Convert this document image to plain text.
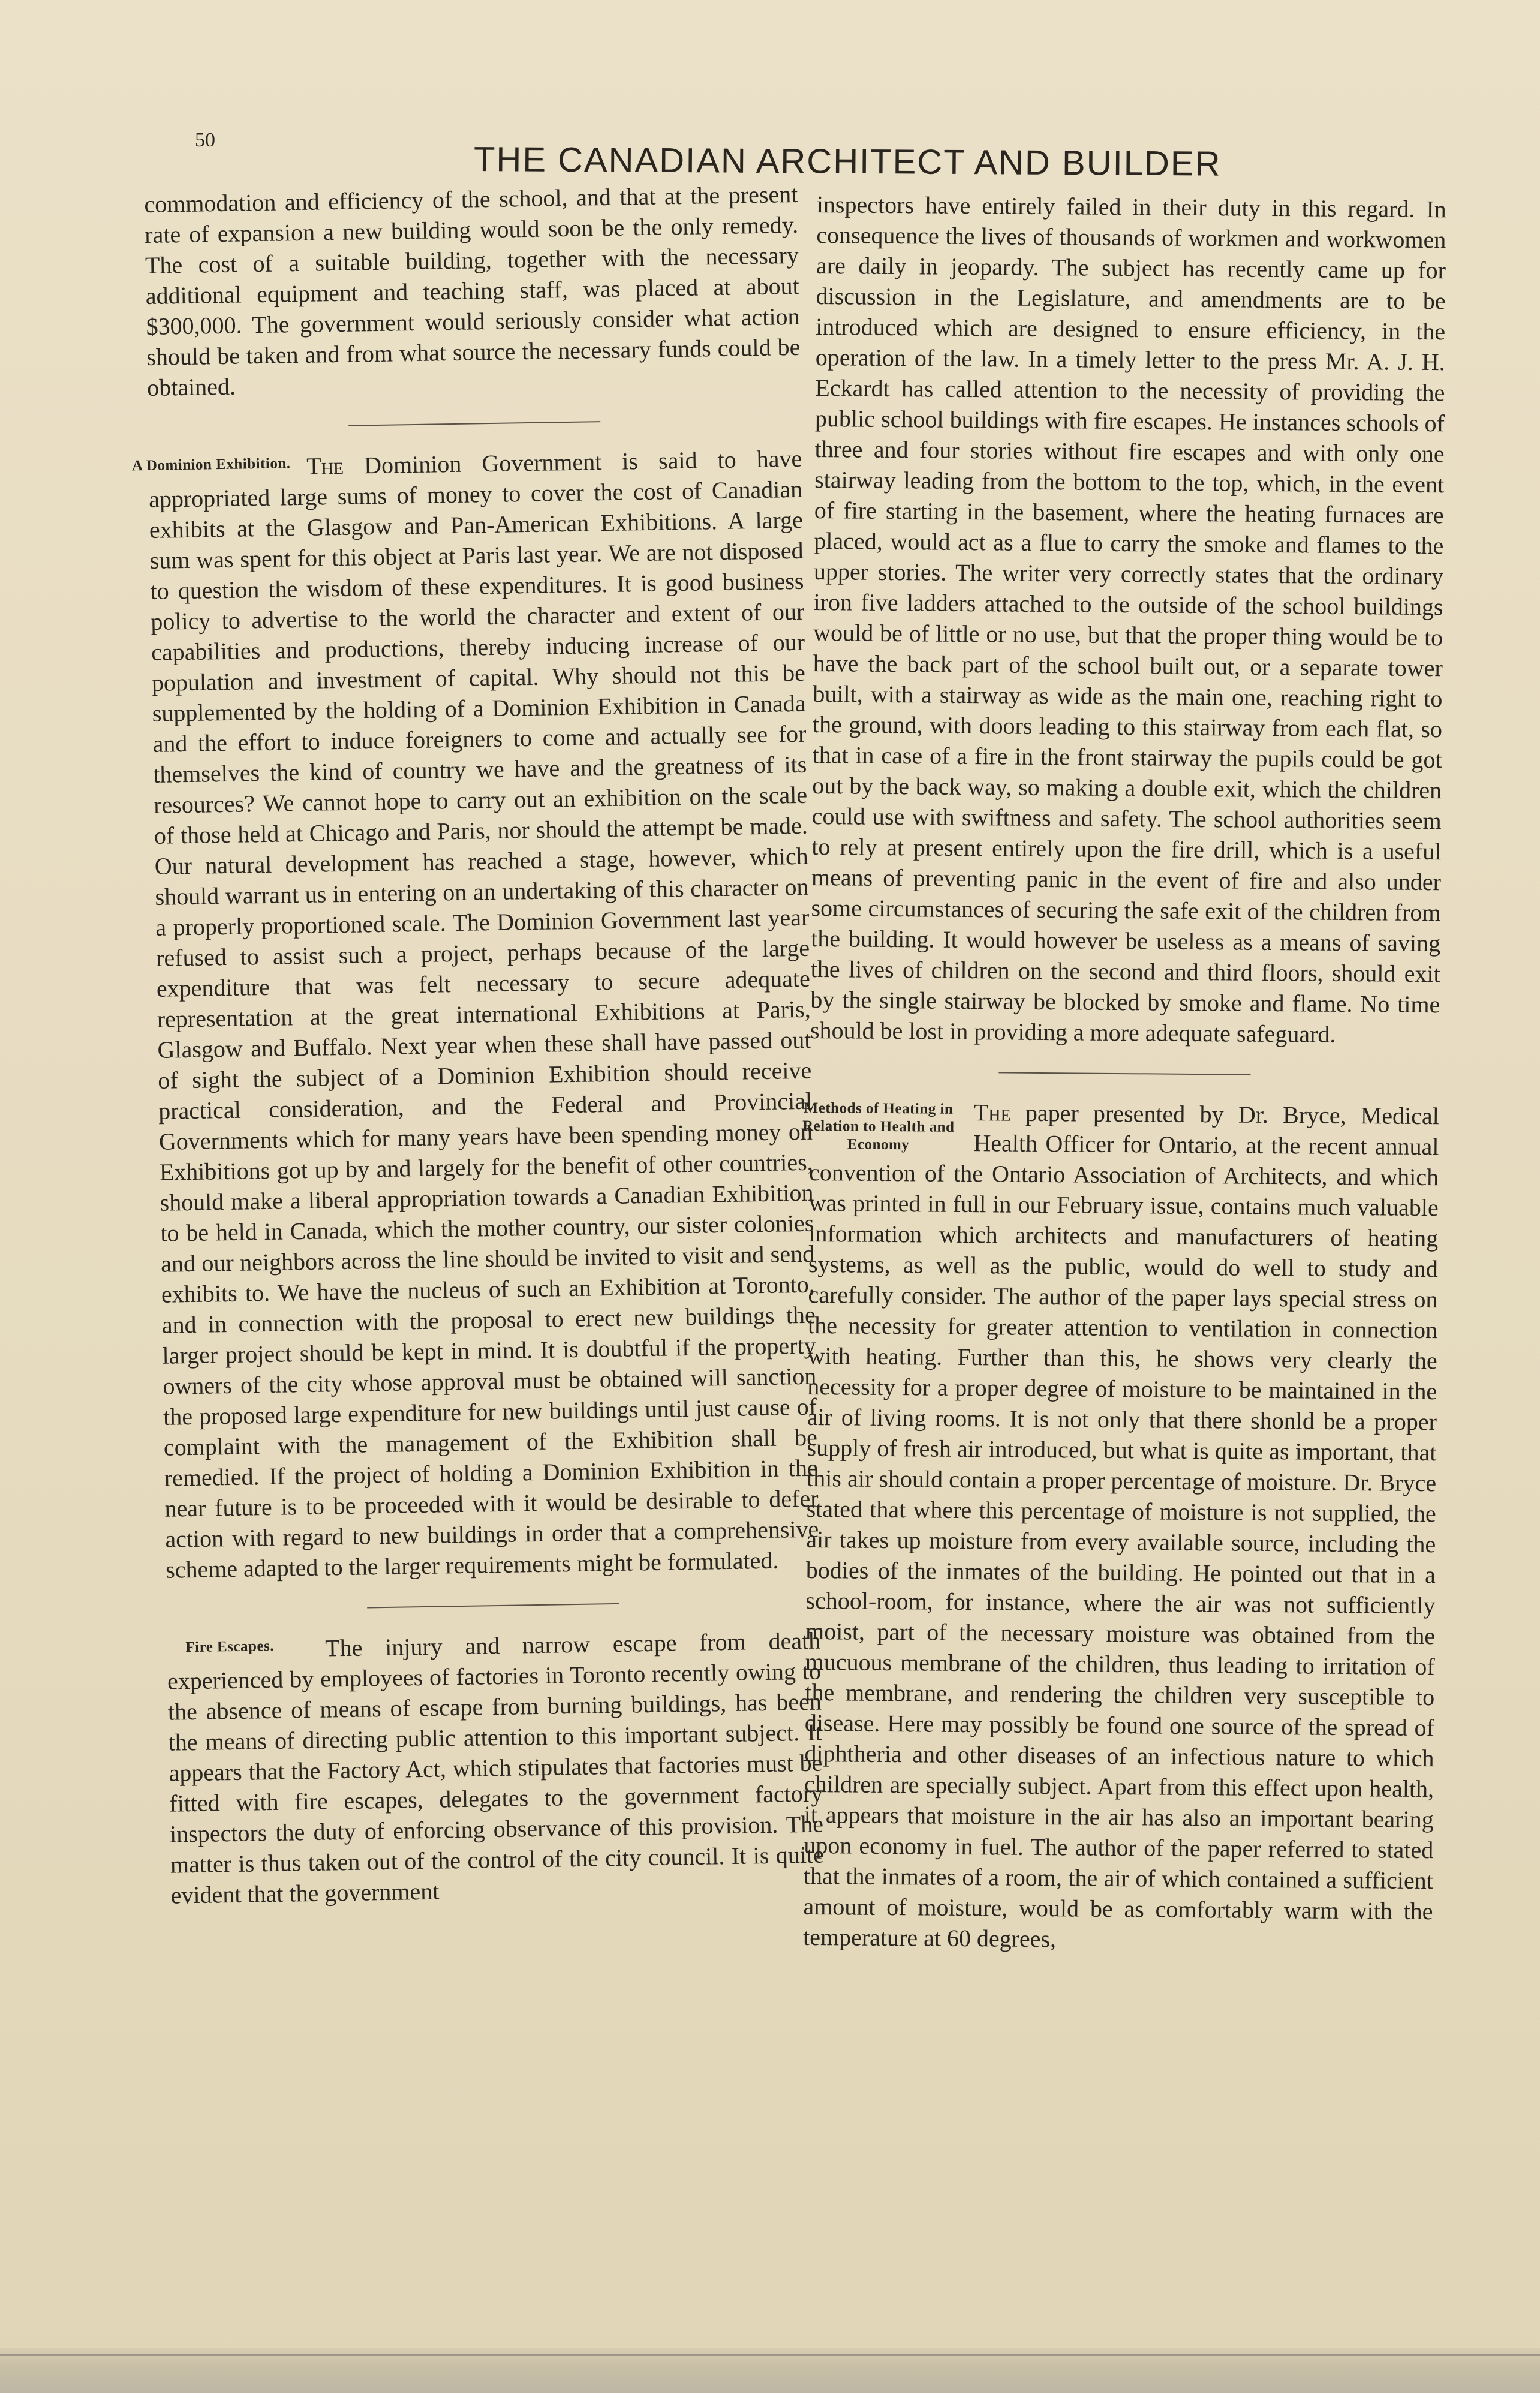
50	THE CANADIAN ARCHITECT AND BUILDER

commodation and efficiency of the school, and that at the present rate of expansion a new building would soon be the only remedy. The cost of a suitable building, together with the necessary additional equipment and teaching staff, was placed at about $300,000. The government would seriously consider what action should be taken and from what source the necessary funds could be obtained.

A Dominion Exhibition. The Dominion Government is said to have appropriated large sums of money to cover the cost of Canadian exhibits at the Glasgow and Pan-American Exhibitions. A large sum was spent for this object at Paris last year. We are not disposed to question the wisdom of these expenditures. It is good business policy to advertise to the world the character and extent of our capabilities and productions, thereby inducing increase of our population and investment of capital. Why should not this be supplemented by the holding of a Dominion Exhibition in Canada and the effort to induce foreigners to come and actually see for themselves the kind of country we have and the greatness of its resources? We cannot hope to carry out an exhibition on the scale of those held at Chicago and Paris, nor should the attempt be made. Our natural development has reached a stage, however, which should warrant us in entering on an undertaking of this character on a properly proportioned scale. The Dominion Government last year refused to assist such a project, perhaps because of the large expenditure that was felt necessary to secure adequate representation at the great international Exhibitions at Paris, Glasgow and Buffalo. Next year when these shall have passed out of sight the subject of a Dominion Exhibition should receive practical consideration, and the Federal and Provincial Governments which for many years have been spending money on Exhibitions got up by and largely for the benefit of other countries, should make a liberal appropriation towards a Canadian Exhibition to be held in Canada, which the mother country, our sister colonies and our neighbors across the line should be invited to visit and send exhibits to. We have the nucleus of such an Exhibition at Toronto, and in connection with the proposal to erect new buildings the larger project should be kept in mind. It is doubtful if the property owners of the city whose approval must be obtained will sanction the proposed large expenditure for new buildings until just cause of complaint with the management of the Exhibition shall be remedied. If the project of holding a Dominion Exhibition in the near future is to be proceeded with it would be desirable to defer action with regard to new buildings in order that a comprehensive scheme adapted to the larger requirements might be formulated.

Fire Escapes.	The injury and narrow escape from death experienced by employees of factories in Toronto recently owing to the absence of means of escape from burning buildings, has been the means of directing public attention to this important subject. It appears that the Factory Act, which stipulates that factories must be fitted with fire escapes, delegates to the government factory inspectors the duty of enforcing observance of this provision. The matter is thus taken out of the control of the city council. It is quite evident that the government

inspectors have entirely failed in their duty in this regard. In consequence the lives of thousands of workmen and workwomen are daily in jeopardy. The subject has recently came up for discussion in the Legislature, and amendments are to be introduced which are designed to ensure efficiency, in the operation of the law. In a timely letter to the press Mr. A. J. H. Eckardt has called attention to the necessity of providing the public school buildings with fire escapes. He instances schools of three and four stories without fire escapes and with only one stairway leading from the bottom to the top, which, in the event of fire starting in the basement, where the heating furnaces are placed, would act as a flue to carry the smoke and flames to the upper stories. The writer very correctly states that the ordinary iron five ladders attached to the outside of the school buildings would be of little or no use, but that the proper thing would be to have the back part of the school built out, or a separate tower built, with a stairway as wide as the main one, reaching right to the ground, with doors leading to this stairway from each flat, so that in case of a fire in the front stairway the pupils could be got out by the back way, so making a double exit, which the children could use with swiftness and safety. The school authorities seem to rely at present entirely upon the fire drill, which is a useful means of preventing panic in the event of fire and also under some circumstances of securing the safe exit of the children from the building. It would however be useless as a means of saving the lives of children on the second and third floors, should exit by the single stairway be blocked by smoke and flame. No time should be lost in providing a more adequate safeguard.

Methods of Heating in Relation to Health and Economy

The paper presented by Dr. Bryce, Medical Health Officer for Ontario, at the recent annual convention of the Ontario Association of Architects, and which was printed in full in our February issue, contains much valuable information which architects and manufacturers of heating systems, as well as the public, would do well to study and carefully consider. The author of the paper lays special stress on the necessity for greater attention to ventilation in connection with heating. Further than this, he shows very clearly the necessity for a proper degree of moisture to be maintained in the air of living rooms. It is not only that there shonld be a proper supply of fresh air introduced, but what is quite as important, that this air should contain a proper percentage of moisture. Dr. Bryce stated that where this percentage of moisture is not supplied, the air takes up moisture from every available source, including the bodies of the inmates of the building. He pointed out that in a school-room, for instance, where the air was not sufficiently moist, part of the necessary moisture was obtained from the mucuous membrane of the children, thus leading to irritation of the membrane, and rendering the children very susceptible to disease. Here may possibly be found one source of the spread of diphtheria and other diseases of an infectious nature to which children are specially subject. Apart from this effect upon health, it appears that moisture in the air has also an important bearing upon economy in fuel. The author of the paper referred to stated that the inmates of a room, the air of which contained a sufficient amount of moisture, would be as comfortably warm with the temperature at 60 degrees,
